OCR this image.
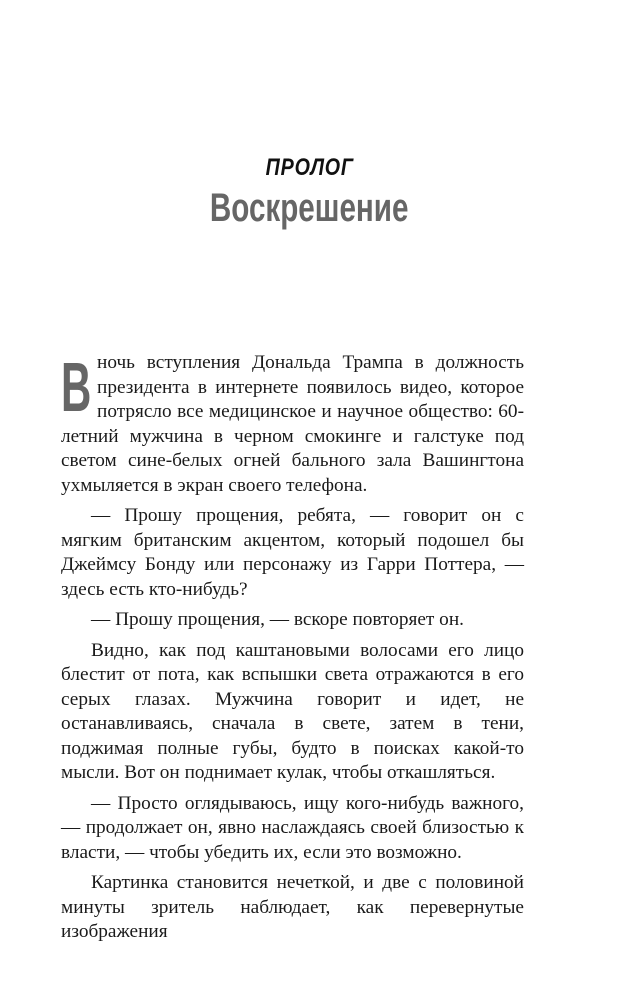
ПРОЛОГ
Воскрешение

Вночь вступления Дональда Трампа в должность президента в интернете появилось видео, которое потрясло все медицинское и научное общество: 60-летний мужчина в черном смокинге и галстуке под светом сине-белых огней бального зала Вашингтона ухмыляется в экран своего телефона.

— Прошу прощения, ребята, — говорит он с мягким британским акцентом, который подошел бы Джеймсу Бонду или персонажу из Гарри Поттера, — здесь есть кто-нибудь?

— Прошу прощения, — вскоре повторяет он.

Видно, как под каштановыми волосами его лицо блестит от пота, как вспышки света отражаются в его серых глазах. Мужчина говорит и идет, не останавливаясь, сначала в свете, затем в тени, поджимая полные губы, будто в поисках какой-то мысли. Вот он поднимает кулак, чтобы откашляться.

— Просто оглядываюсь, ищу кого-нибудь важного, — продолжает он, явно наслаждаясь своей близостью к власти, — чтобы убедить их, если это возможно.

Картинка становится нечеткой, и две с половиной минуты зритель наблюдает, как перевернутые изображения
